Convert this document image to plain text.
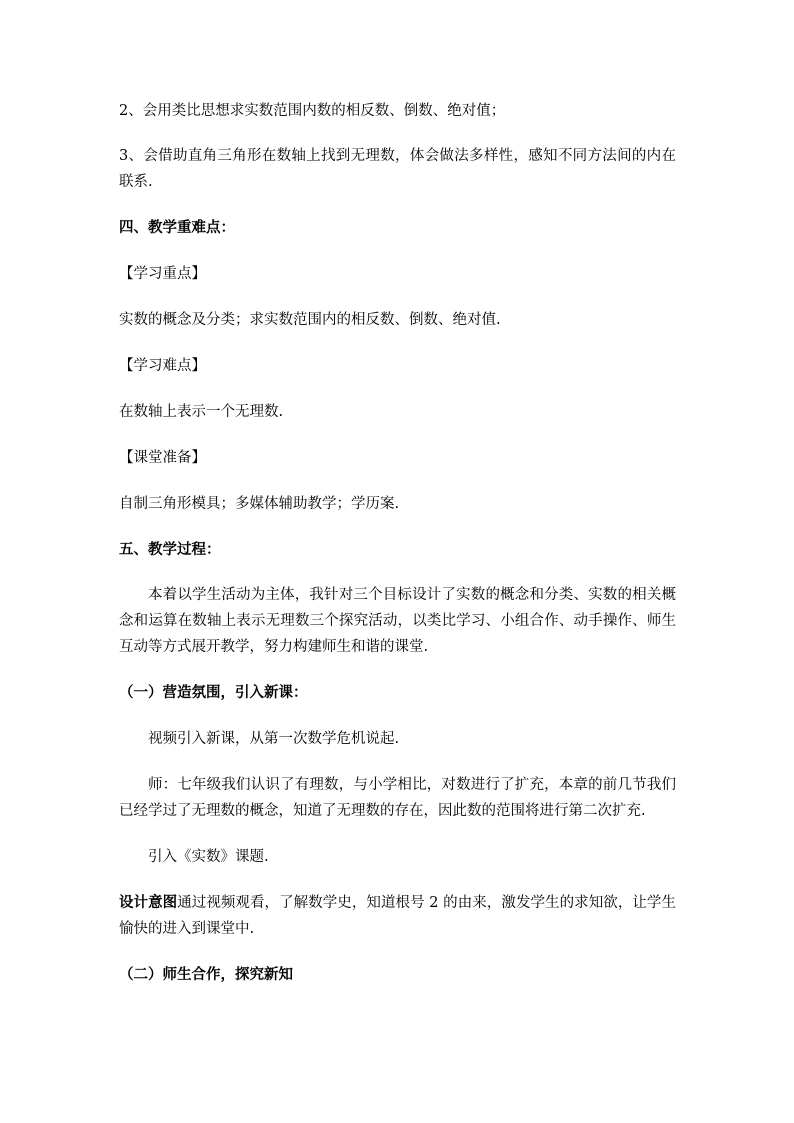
2、会用类比思想求实数范围内数的相反数、倒数、绝对值；

3、会借助直角三角形在数轴上找到无理数，体会做法多样性，感知不同方法间的内在联系.

四、教学重难点：

【学习重点】

实数的概念及分类；求实数范围内的相反数、倒数、绝对值.

【学习难点】

在数轴上表示一个无理数.

【课堂准备】

自制三角形模具；多媒体辅助教学；学历案.

五、教学过程：

本着以学生活动为主体，我针对三个目标设计了实数的概念和分类、实数的相关概念和运算在数轴上表示无理数三个探究活动，以类比学习、小组合作、动手操作、师生互动等方式展开教学，努力构建师生和谐的课堂.

（一）营造氛围，引入新课：

视频引入新课，从第一次数学危机说起.

师：七年级我们认识了有理数，与小学相比，对数进行了扩充，本章的前几节我们已经学过了无理数的概念，知道了无理数的存在，因此数的范围将进行第二次扩充.

引入《实数》课题.

设计意图通过视频观看，了解数学史，知道根号 2 的由来，激发学生的求知欲，让学生愉快的进入到课堂中.

（二）师生合作，探究新知
